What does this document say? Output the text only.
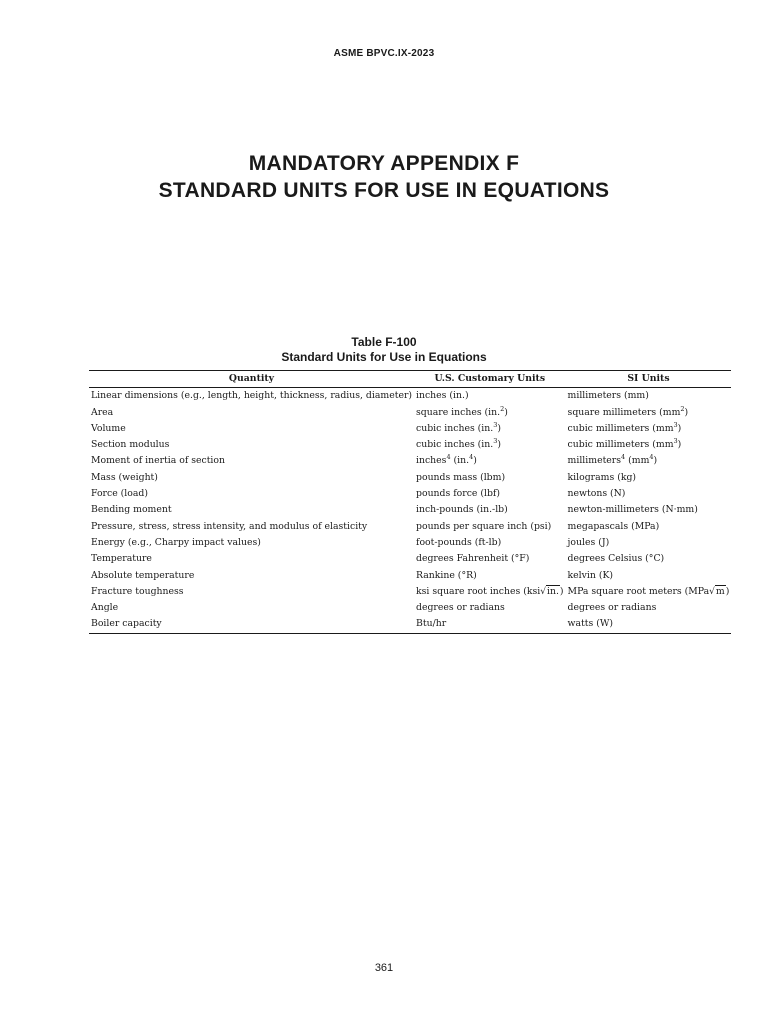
ASME BPVC.IX-2023
MANDATORY APPENDIX F
STANDARD UNITS FOR USE IN EQUATIONS
Table F-100
Standard Units for Use in Equations
Quantity	U.S. Customary Units	SI Units
Linear dimensions (e.g., length, height, thickness, radius, diameter)	inches (in.)	millimeters (mm)
Area	square inches (in.$^2$)	square millimeters $(mm^2)$
Volume	cubic inches (in.$^3$)	cubic millimeters $(mm^3)$
Section modulus	cubic inches (in.$^3$)	cubic millimeters $(mm^3)$
Moment of inertia of section	inches$^4$ (in.$^4$)	millimeters$^4$ $(mm^4)$
Mass (weight)	pounds mass (lbm)	kilograms (kg)
Force (load)	pounds force (lbf)	newtons (N)
Bending moment	inch-pounds (in.-lb)	newton-millimeters (N·mm)
Pressure, stress, stress intensity, and modulus of elasticity	pounds per square inch (psi)	megapascals (MPa)
Energy (e.g., Charpy impact values)	foot-pounds (ft-lb)	joules (J)
Temperature	degrees Fahrenheit (°F)	degrees Celsius (°C)
Absolute temperature	Rankine (°R)	kelvin (K)
Fracture toughness	ksi square root inches (ksi√in.)	MPa square root meters (MPa√m)
Angle	degrees or radians	degrees or radians
Boiler capacity	Btu/hr	watts (W)
361
